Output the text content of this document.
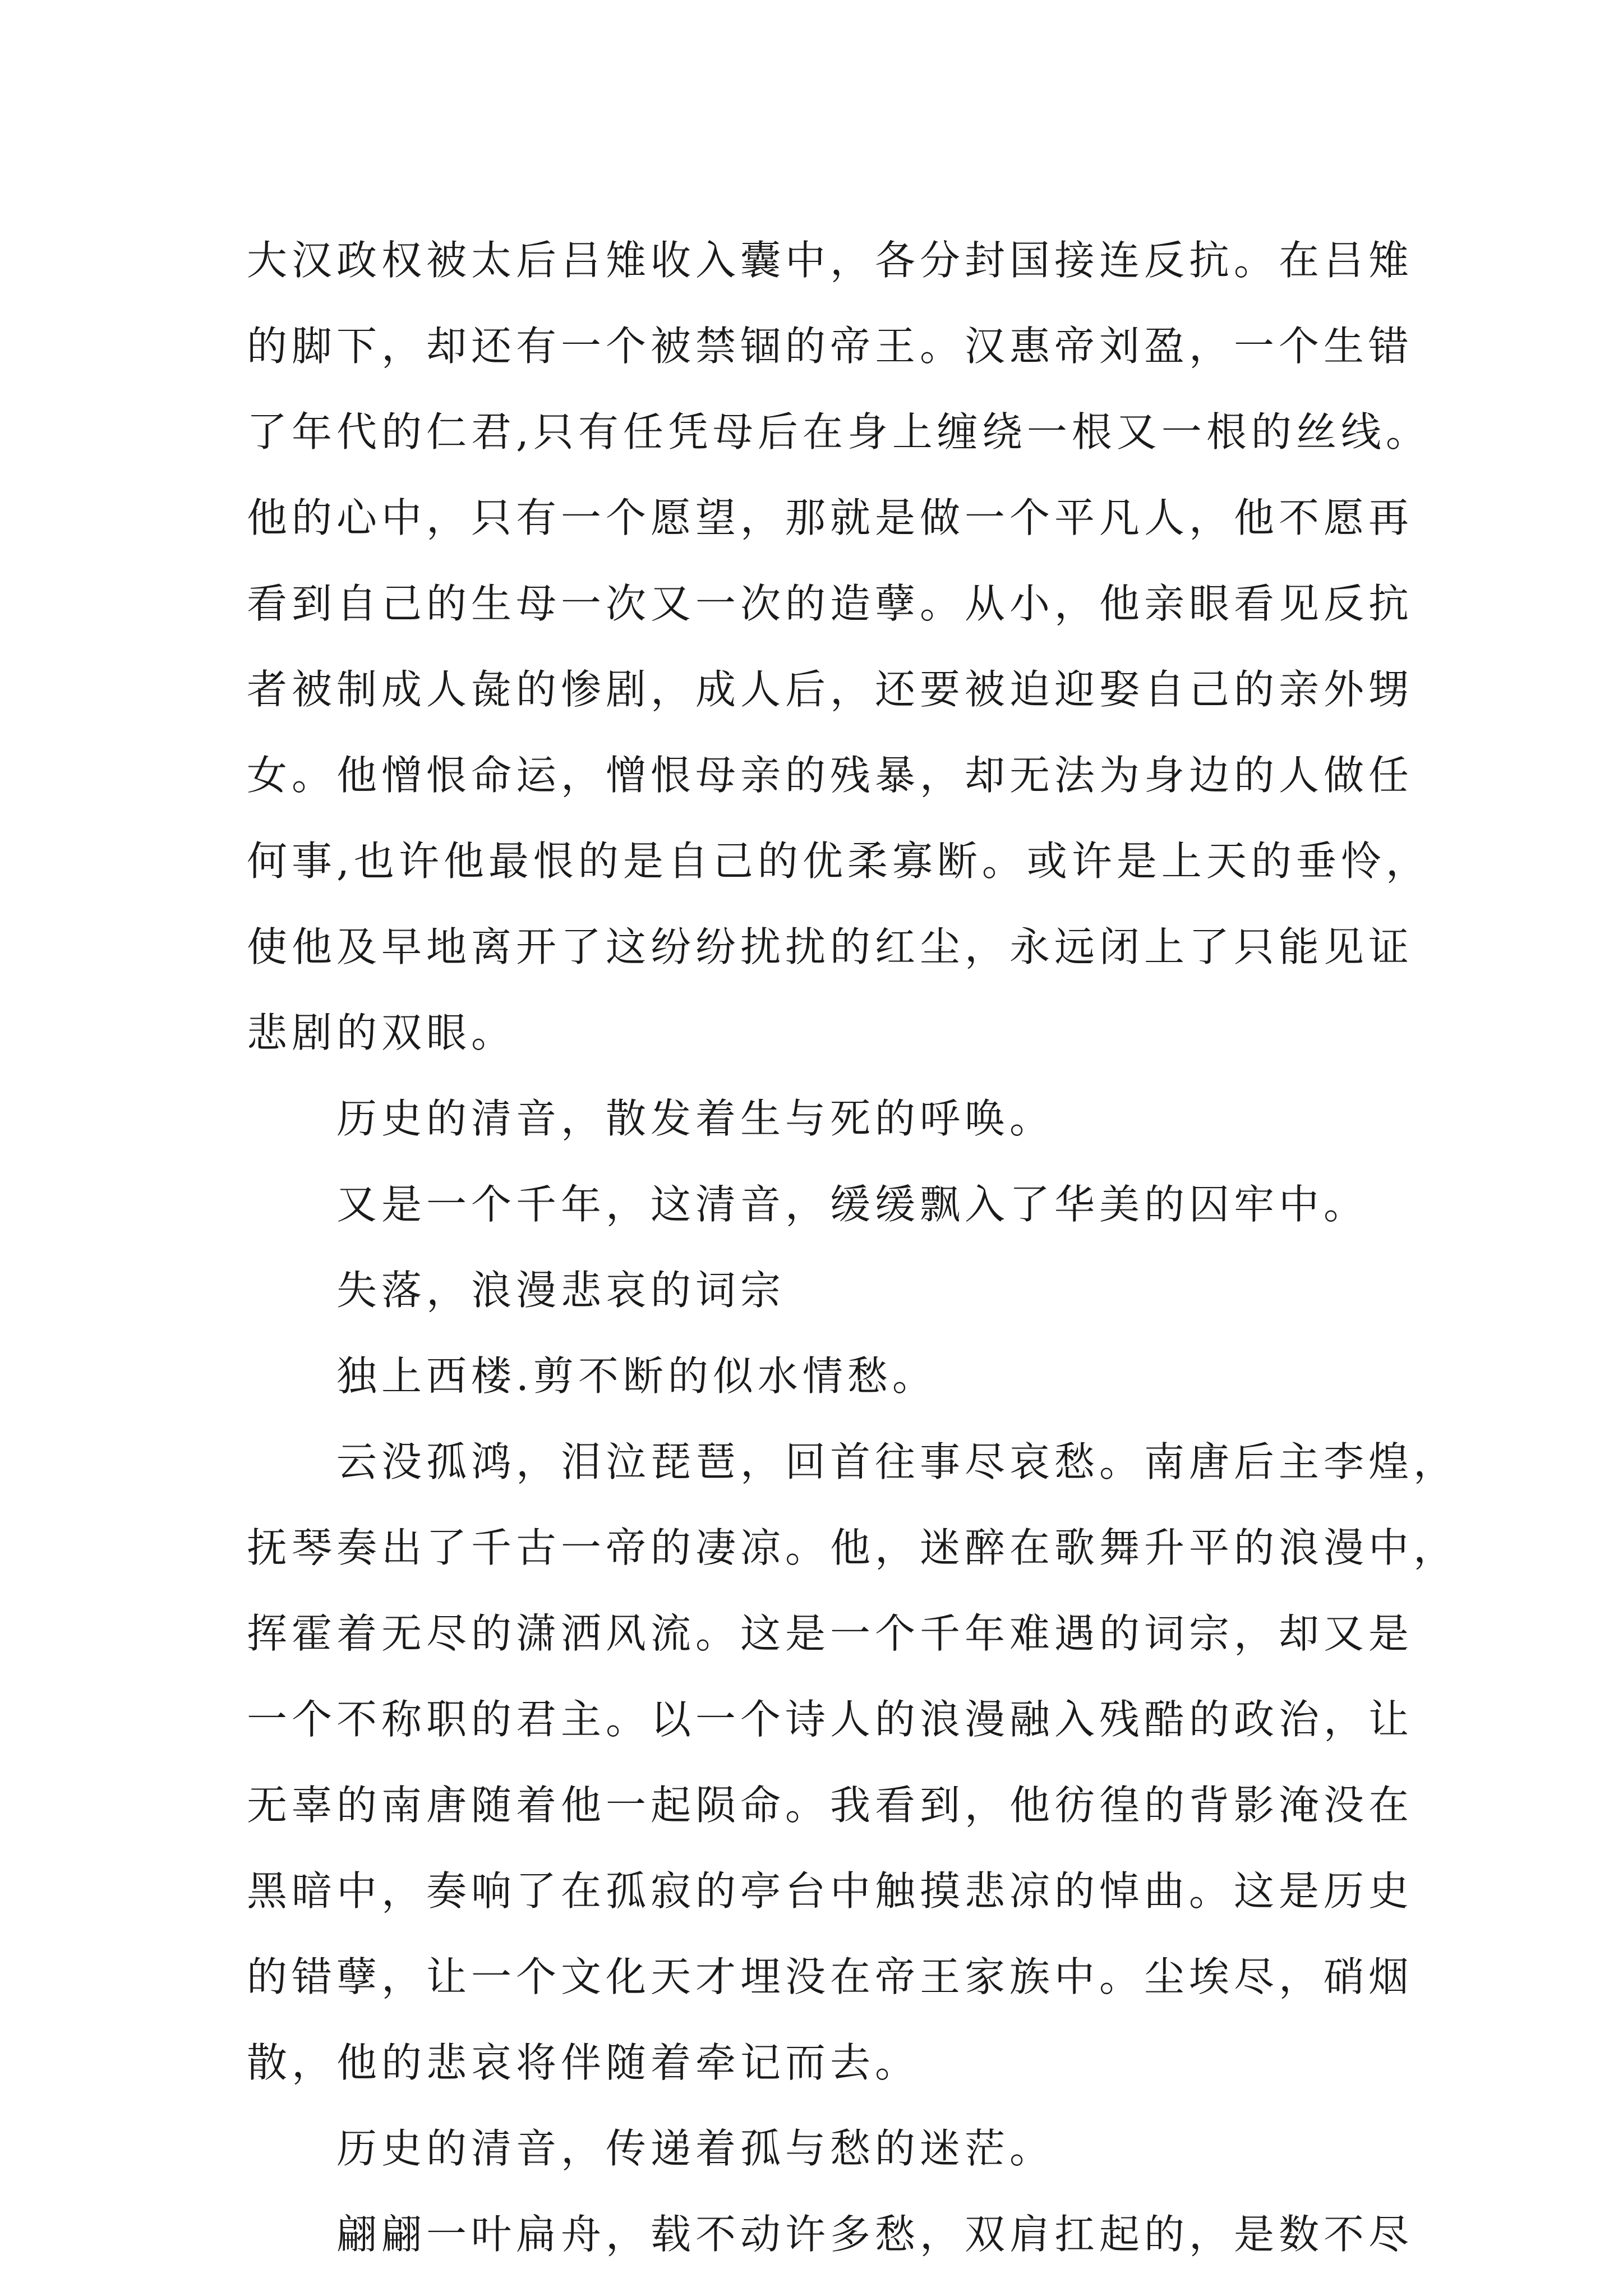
大汉政权被太后吕雉收入囊中，各分封国接连反抗。在吕雉
的脚下，却还有一个被禁锢的帝王。汉惠帝刘盈，一个生错
了年代的仁君,只有任凭母后在身上缠绕一根又一根的丝线。
他的心中，只有一个愿望，那就是做一个平凡人，他不愿再
看到自己的生母一次又一次的造孽。从小，他亲眼看见反抗
者被制成人彘的惨剧，成人后，还要被迫迎娶自己的亲外甥
女。他憎恨命运，憎恨母亲的残暴，却无法为身边的人做任
何事,也许他最恨的是自己的优柔寡断。或许是上天的垂怜，
使他及早地离开了这纷纷扰扰的红尘，永远闭上了只能见证
悲剧的双眼。
历史的清音，散发着生与死的呼唤。
又是一个千年，这清音，缓缓飘入了华美的囚牢中。
失落，浪漫悲哀的词宗
独上西楼.剪不断的似水情愁。
云没孤鸿，泪泣琵琶，回首往事尽哀愁。南唐后主李煌，
抚琴奏出了千古一帝的凄凉。他，迷醉在歌舞升平的浪漫中，
挥霍着无尽的潇洒风流。这是一个千年难遇的词宗，却又是
一个不称职的君主。以一个诗人的浪漫融入残酷的政治，让
无辜的南唐随着他一起陨命。我看到，他彷徨的背影淹没在
黑暗中，奏响了在孤寂的亭台中触摸悲凉的悼曲。这是历史
的错孽，让一个文化天才埋没在帝王家族中。尘埃尽，硝烟
散，他的悲哀将伴随着牵记而去。
历史的清音，传递着孤与愁的迷茫。
翩翩一叶扁舟，载不动许多愁，双肩扛起的，是数不尽
